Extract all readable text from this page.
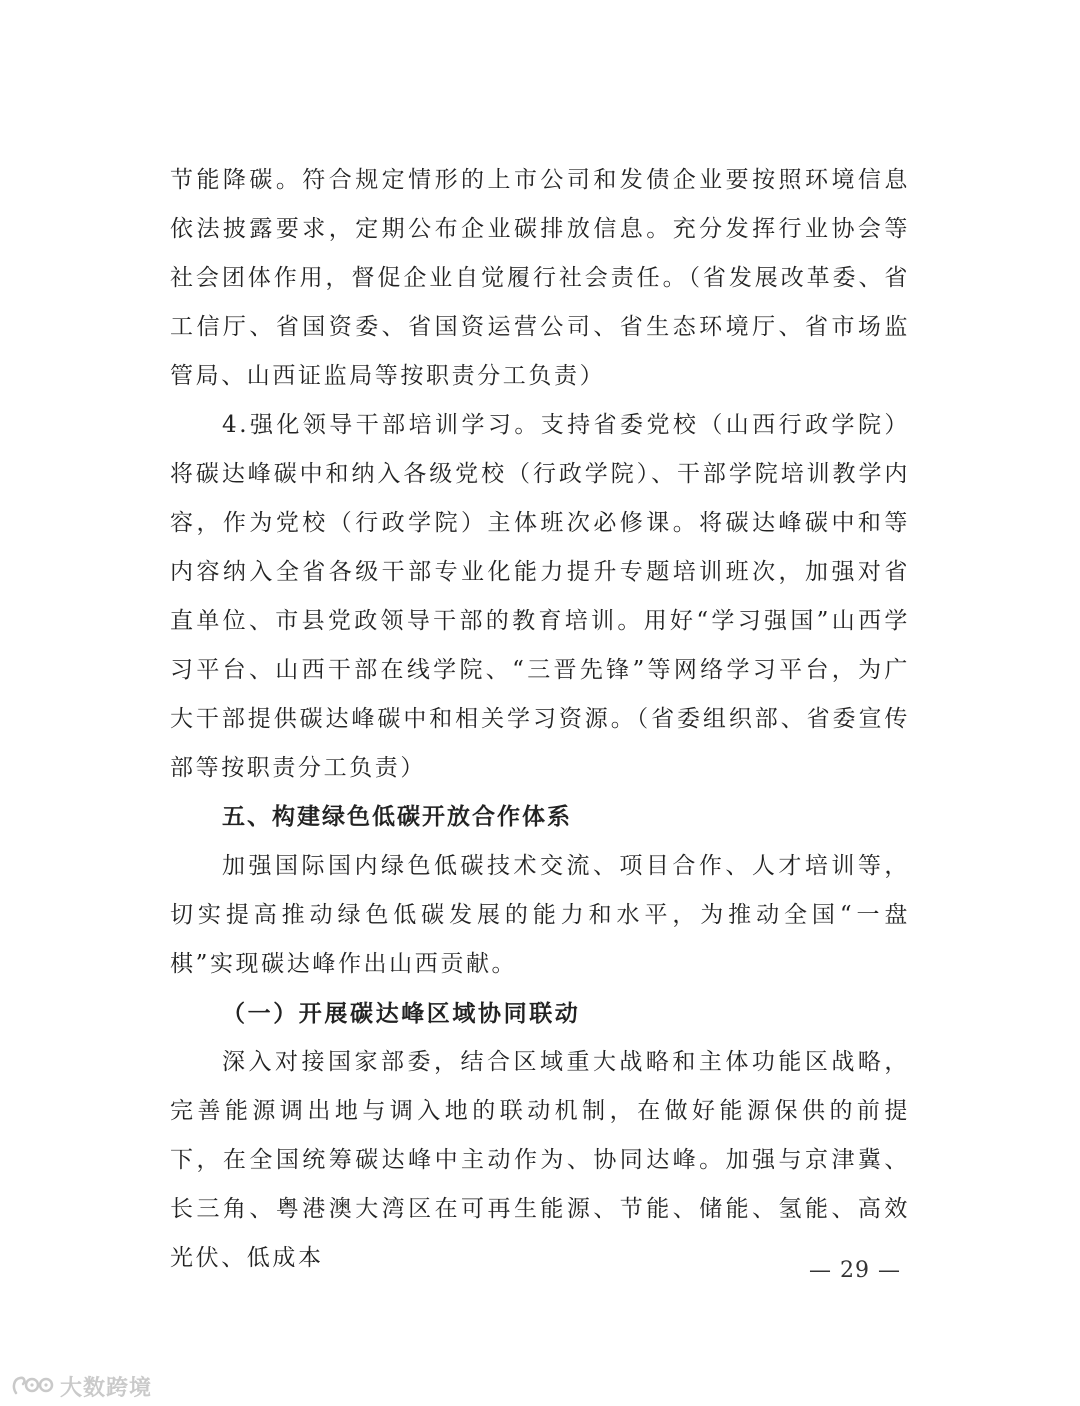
节能降碳。符合规定情形的上市公司和发债企业要按照环境信息依法披露要求，定期公布企业碳排放信息。充分发挥行业协会等社会团体作用，督促企业自觉履行社会责任。（省发展改革委、省工信厅、省国资委、省国资运营公司、省生态环境厅、省市场监管局、山西证监局等按职责分工负责）

4.强化领导干部培训学习。支持省委党校（山西行政学院）将碳达峰碳中和纳入各级党校（行政学院）、干部学院培训教学内容，作为党校（行政学院）主体班次必修课。将碳达峰碳中和等内容纳入全省各级干部专业化能力提升专题培训班次，加强对省直单位、市县党政领导干部的教育培训。用好“学习强国”山西学习平台、山西干部在线学院、“三晋先锋”等网络学习平台，为广大干部提供碳达峰碳中和相关学习资源。（省委组织部、省委宣传部等按职责分工负责）

五、构建绿色低碳开放合作体系

加强国际国内绿色低碳技术交流、项目合作、人才培训等，切实提高推动绿色低碳发展的能力和水平，为推动全国“一盘棋”实现碳达峰作出山西贡献。

（一）开展碳达峰区域协同联动

深入对接国家部委，结合区域重大战略和主体功能区战略，完善能源调出地与调入地的联动机制，在做好能源保供的前提下，在全国统筹碳达峰中主动作为、协同达峰。加强与京津冀、长三角、粤港澳大湾区在可再生能源、节能、储能、氢能、高效光伏、低成本	— 29 —
大数跨境
